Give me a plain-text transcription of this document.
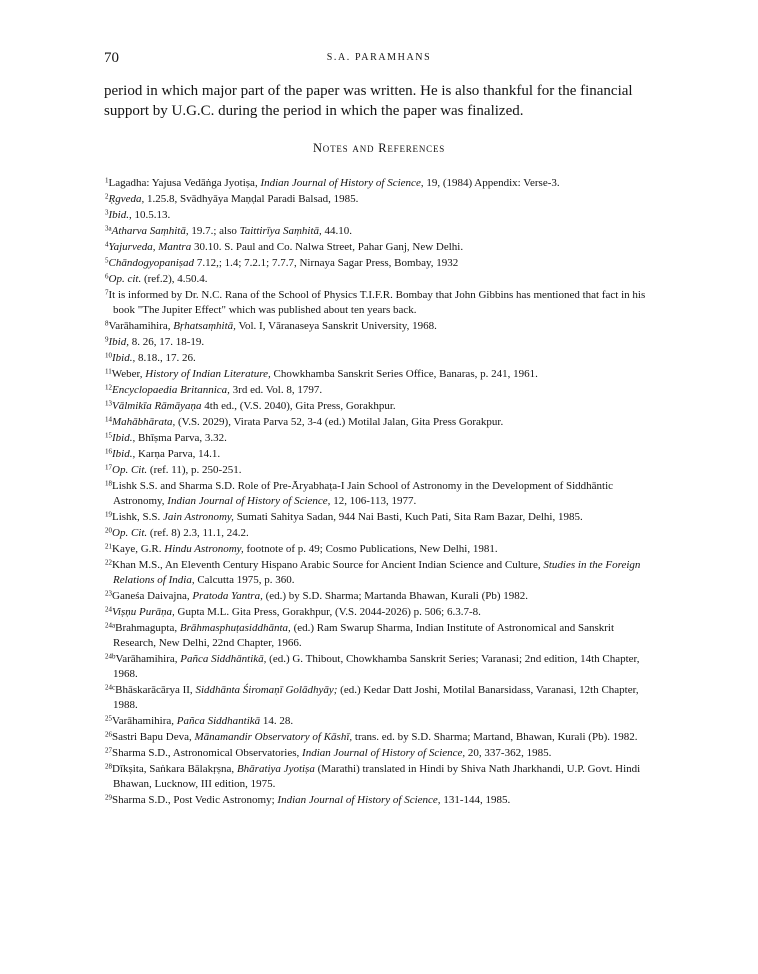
70	S.A. PARAMHANS

period in which major part of the paper was written. He is also thankful for the financial support by U.G.C. during the period in which the paper was finalized.

Notes and References
$^1$Lagadha: Yajusa Vedāṅga Jyotiṣa, Indian Journal of History of Science, 19, (1984) Appendix: Verse-3.
$^2$Ṛgveda, 1.25.8, Svādhyāya Maṇḍal Paradi Balsad, 1985.
$^3$Ibid., 10.5.13.
$^{3a}$Atharva Saṃhitā, 19.7.; also Taittirīya Saṃhitā, 44.10.
$^4$Yajurveda, Mantra 30.10. S. Paul and Co. Nalwa Street, Pahar Ganj, New Delhi.
$^5$Chāndogyopaniṣad 7.12,; 1.4; 7.2.1; 7.7.7, Nirnaya Sagar Press, Bombay, 1932
$^6$Op. cit. (ref.2), 4.50.4.
$^7$It is informed by Dr. N.C. Rana of the School of Physics T.I.F.R. Bombay that John Gibbins has mentioned that fact in his book "The Jupiter Effect" which was published about ten years back.
$^8$Varāhamihira, Bṛhatsaṃhitā, Vol. I, Vāranaseya Sanskrit University, 1968.
$^9$Ibid, 8. 26, 17. 18-19.
$^{10}$Ibid., 8.18., 17. 26.
$^{11}$Weber, History of Indian Literature, Chowkhamba Sanskrit Series Office, Banaras, p. 241, 1961.
$^{12}$Encyclopaedia Britannica, 3rd ed. Vol. 8, 1797.
$^{13}$Vālmikīa Rāmāyaṇa 4th ed., (V.S. 2040), Gita Press, Gorakhpur.
$^{14}$Mahābhārata, (V.S. 2029), Virata Parva 52, 3-4 (ed.) Motilal Jalan, Gita Press Gorakpur.
$^{15}$Ibid., Bhīṣma Parva, 3.32.
$^{16}$Ibid., Karṇa Parva, 14.1.
$^{17}$Op. Cit. (ref. 11), p. 250-251.
$^{18}$Lishk S.S. and Sharma S.D. Role of Pre-Āryabhaṭa-I Jain School of Astronomy in the Development of Siddhāntic Astronomy, Indian Journal of History of Science, 12, 106-113, 1977.
$^{19}$Lishk, S.S. Jain Astronomy, Sumati Sahitya Sadan, 944 Nai Basti, Kuch Pati, Sita Ram Bazar, Delhi, 1985.
$^{20}$Op. Cit. (ref. 8) 2.3, 11.1, 24.2.
$^{21}$Kaye, G.R. Hindu Astronomy, footnote of p. 49; Cosmo Publications, New Delhi, 1981.
$^{22}$Khan M.S., An Eleventh Century Hispano Arabic Source for Ancient Indian Science and Culture, Studies in the Foreign Relations of India, Calcutta 1975, p. 360.
$^{23}$Ganeśa Daivajna, Pratoda Yantra, (ed.) by S.D. Sharma; Martanda Bhawan, Kurali (Pb) 1982.
$^{24}$Viṣṇu Purāṇa, Gupta M.L. Gita Press, Gorakhpur, (V.S. 2044-2026) p. 506; 6.3.7-8.
$^{24a}$Brahmagupta, Brāhmasphuṭasiddhānta, (ed.) Ram Swarup Sharma, Indian Institute of Astronomical and Sanskrit Research, New Delhi, 22nd Chapter, 1966.
$^{24b}$Varāhamihira, Pañca Siddhāntikā, (ed.) G. Thibout, Chowkhamba Sanskrit Series; Varanasi; 2nd edition, 14th Chapter, 1968.
$^{24c}$Bhāskarācārya II, Siddhānta Śiromaṇī Golādhyāy; (ed.) Kedar Datt Joshi, Motilal Banarsidass, Varanasi, 12th Chapter, 1988.
$^{25}$Varāhamihira, Pañca Siddhantikā 14. 28.
$^{26}$Sastri Bapu Deva, Mānamandir Observatory of Kāshī, trans. ed. by S.D. Sharma; Martand, Bhawan, Kurali (Pb). 1982.
$^{27}$Sharma S.D., Astronomical Observatories, Indian Journal of History of Science, 20, 337-362, 1985.
$^{28}$Dīkṣita, Saṅkara Bālakṛṣna, Bhāratiya Jyotiṣa (Marathi) translated in Hindi by Shiva Nath Jharkhandi, U.P. Govt. Hindi Bhawan, Lucknow, III edition, 1975.
$^{29}$Sharma S.D., Post Vedic Astronomy; Indian Journal of History of Science, 131-144, 1985.
